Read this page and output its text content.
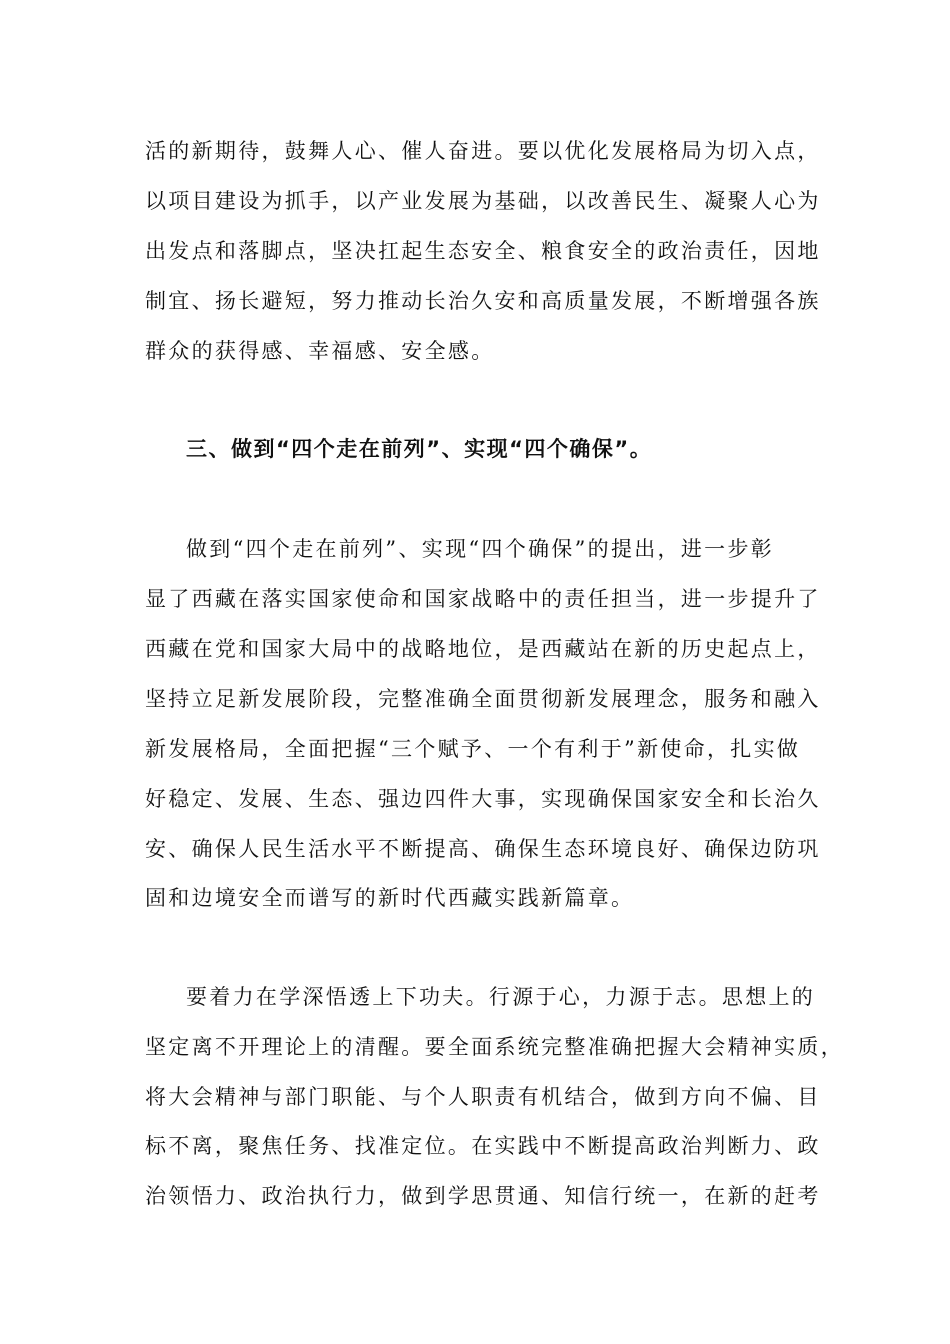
活的新期待，鼓舞人心、催人奋进。要以优化发展格局为切入点，

以项目建设为抓手，以产业发展为基础，以改善民生、凝聚人心为

出发点和落脚点，坚决扛起生态安全、粮食安全的政治责任，因地

制宜、扬长避短，努力推动长治久安和高质量发展，不断增强各族

群众的获得感、幸福感、安全感。

三、做到“四个走在前列”、实现“四个确保”。

做到“四个走在前列”、实现“四个确保”的提出，进一步彰

显了西藏在落实国家使命和国家战略中的责任担当，进一步提升了

西藏在党和国家大局中的战略地位，是西藏站在新的历史起点上，

坚持立足新发展阶段，完整准确全面贯彻新发展理念，服务和融入

新发展格局，全面把握“三个赋予、一个有利于”新使命，扎实做

好稳定、发展、生态、强边四件大事，实现确保国家安全和长治久

安、确保人民生活水平不断提高、确保生态环境良好、确保边防巩

固和边境安全而谱写的新时代西藏实践新篇章。

要着力在学深悟透上下功夫。行源于心，力源于志。思想上的

坚定离不开理论上的清醒。要全面系统完整准确把握大会精神实质，

将大会精神与部门职能、与个人职责有机结合，做到方向不偏、目

标不离，聚焦任务、找准定位。在实践中不断提高政治判断力、政

治领悟力、政治执行力，做到学思贯通、知信行统一，在新的赶考
